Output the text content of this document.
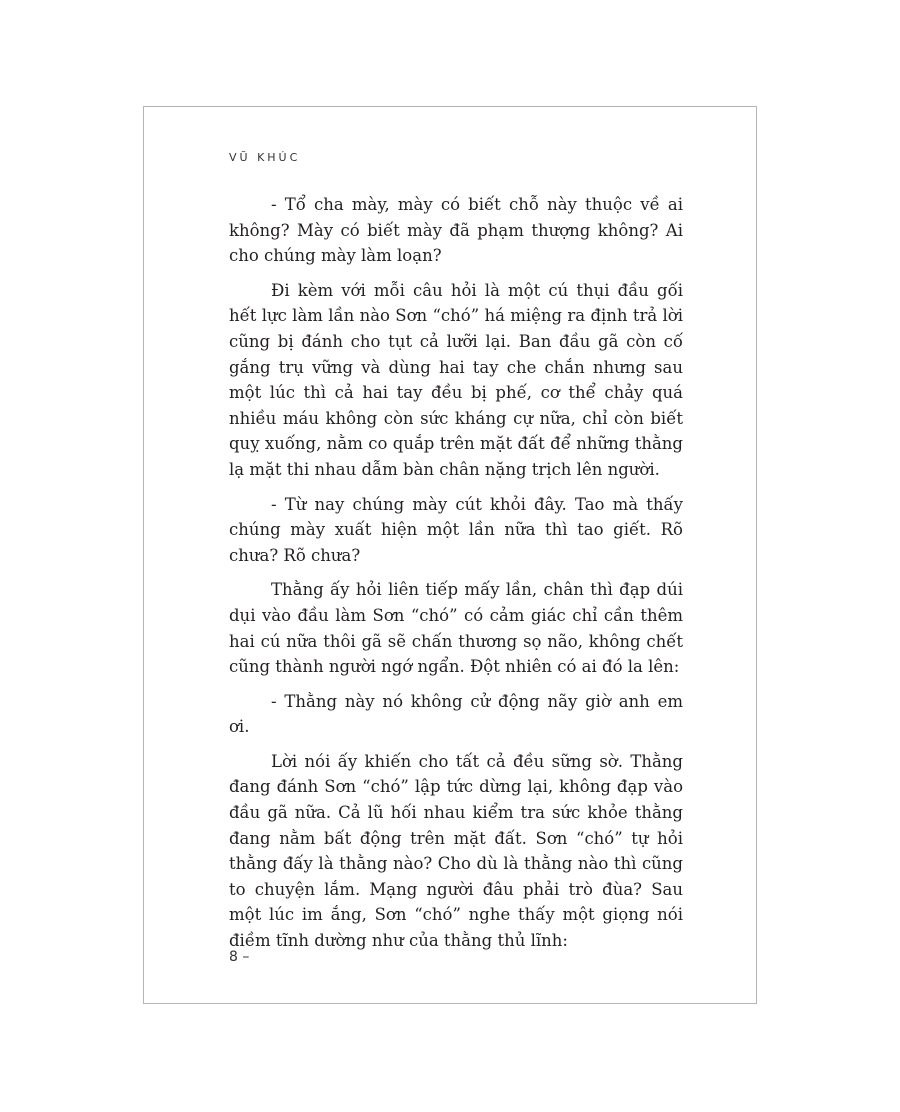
VŨ KHÚC

- Tổ cha mày, mày có biết chỗ này thuộc về ai không? Mày có biết mày đã phạm thượng không? Ai cho chúng mày làm loạn?

Đi kèm với mỗi câu hỏi là một cú thụi đầu gối hết lực làm lần nào Sơn “chó” há miệng ra định trả lời cũng bị đánh cho tụt cả lưỡi lại. Ban đầu gã còn cố gắng trụ vững và dùng hai tay che chắn nhưng sau một lúc thì cả hai tay đều bị phế, cơ thể chảy quá nhiều máu không còn sức kháng cự nữa, chỉ còn biết quỵ xuống, nằm co quắp trên mặt đất để những thằng lạ mặt thi nhau dẫm bàn chân nặng trịch lên người.

- Từ nay chúng mày cút khỏi đây. Tao mà thấy chúng mày xuất hiện một lần nữa thì tao giết. Rõ chưa? Rõ chưa?

Thằng ấy hỏi liên tiếp mấy lần, chân thì đạp dúi dụi vào đầu làm Sơn “chó” có cảm giác chỉ cần thêm hai cú nữa thôi gã sẽ chấn thương sọ não, không chết cũng thành người ngớ ngẩn. Đột nhiên có ai đó la lên:

- Thằng này nó không cử động nãy giờ anh em ơi.

Lời nói ấy khiến cho tất cả đều sững sờ. Thằng đang đánh Sơn “chó” lập tức dừng lại, không đạp vào đầu gã nữa. Cả lũ hối nhau kiểm tra sức khỏe thằng đang nằm bất động trên mặt đất. Sơn “chó” tự hỏi thằng đấy là thằng nào? Cho dù là thằng nào thì cũng to chuyện lắm. Mạng người đâu phải trò đùa? Sau một lúc im ắng, Sơn “chó” nghe thấy một giọng nói điềm tĩnh dường như của thằng thủ lĩnh:

8 –
